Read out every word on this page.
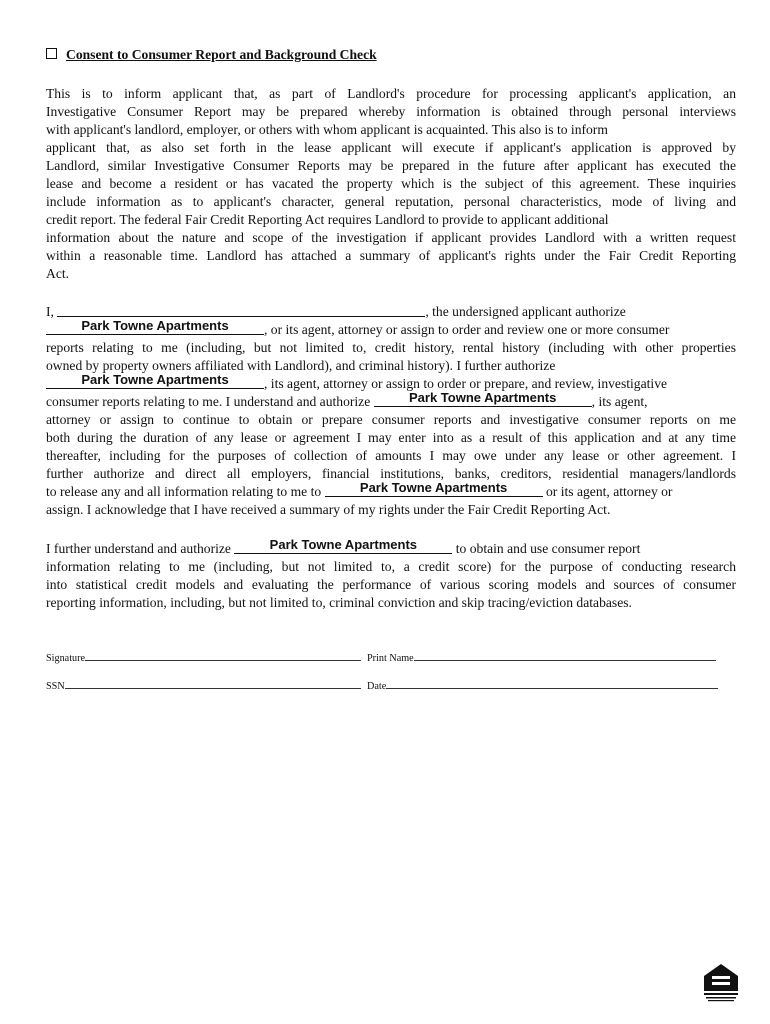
Consent to Consumer Report and Background Check
This is to inform applicant that, as part of Landlord's procedure for processing applicant's application, an
Investigative Consumer Report may be prepared whereby information is obtained through personal interviews
with applicant's landlord, employer, or others with whom applicant is acquainted. This also is to inform
applicant that, as also set forth in the lease applicant will execute if applicant's application is approved by
Landlord, similar Investigative Consumer Reports may be prepared in the future after applicant has executed the
lease and become a resident or has vacated the property which is the subject of this agreement. These inquiries
include information as to applicant's character, general reputation, personal characteristics, mode of living and
credit report. The federal Fair Credit Reporting Act requires Landlord to provide to applicant additional
information about the nature and scope of the investigation if applicant provides Landlord with a written request
within a reasonable time. Landlord has attached a summary of applicant's rights under the Fair Credit Reporting
Act.
I,	, the undersigned applicant authorize
Park Towne Apartments	, or its agent, attorney or assign to order and review one or more consumer
reports relating to me (including, but not limited to, credit history, rental history (including with other properties
owned by property owners affiliated with Landlord), and criminal history). I further authorize
Park Towne Apartments	, its agent, attorney or assign to order or prepare, and review, investigative
consumer reports relating to me. I understand and authorize	Park Towne Apartments	, its agent,
attorney or assign to continue to obtain or prepare consumer reports and investigative consumer reports on me
both during the duration of any lease or agreement I may enter into as a result of this application and at any time
thereafter, including for the purposes of collection of amounts I may owe under any lease or other agreement. I
further authorize and direct all employers, financial institutions, banks, creditors, residential managers/landlords
to release any and all information relating to me to	Park Towne Apartments	or its agent, attorney or
assign. I acknowledge that I have received a summary of my rights under the Fair Credit Reporting Act.
I further understand and authorize	Park Towne Apartments	to obtain and use consumer report
information relating to me (including, but not limited to, a credit score) for the purpose of conducting research
into statistical credit models and evaluating the performance of various scoring models and sources of consumer
reporting information, including, but not limited to, criminal conviction and skip tracing/eviction databases.
Signature	Print Name
SSN	Date
